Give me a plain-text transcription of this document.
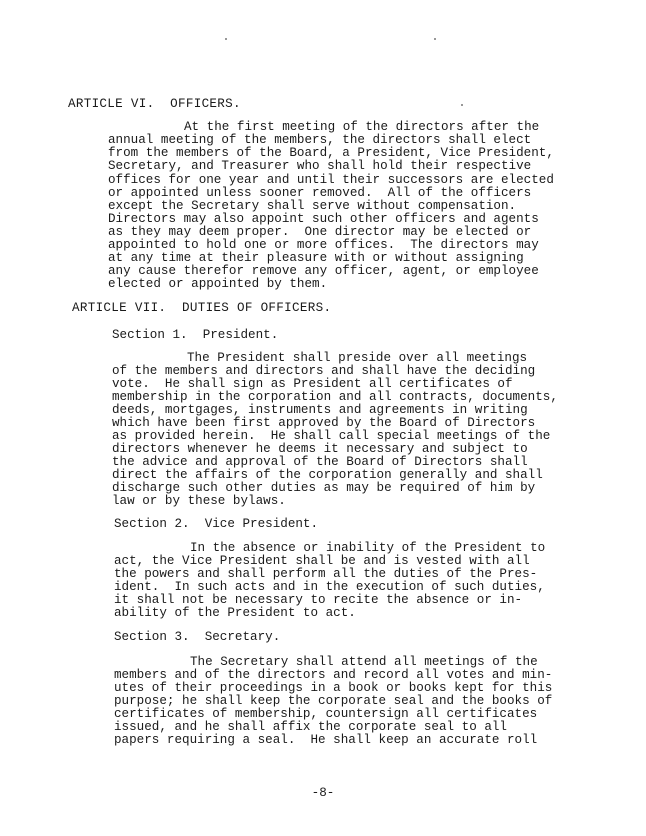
ARTICLE VI.  OFFICERS.
At the first meeting of the directors after the
annual meeting of the members, the directors shall elect
from the members of the Board, a President, Vice President,
Secretary, and Treasurer who shall hold their respective
offices for one year and until their successors are elected
or appointed unless sooner removed.  All of the officers
except the Secretary shall serve without compensation.
Directors may also appoint such other officers and agents
as they may deem proper.  One director may be elected or
appointed to hold one or more offices.  The directors may
at any time at their pleasure with or without assigning
any cause therefor remove any officer, agent, or employee
elected or appointed by them.
ARTICLE VII.  DUTIES OF OFFICERS.
Section 1.  President.
The President shall preside over all meetings
of the members and directors and shall have the deciding
vote.  He shall sign as President all certificates of
membership in the corporation and all contracts, documents,
deeds, mortgages, instruments and agreements in writing
which have been first approved by the Board of Directors
as provided herein.  He shall call special meetings of the
directors whenever he deems it necessary and subject to
the advice and approval of the Board of Directors shall
direct the affairs of the corporation generally and shall
discharge such other duties as may be required of him by
law or by these bylaws.
Section 2.  Vice President.
In the absence or inability of the President to
act, the Vice President shall be and is vested with all
the powers and shall perform all the duties of the Pres-
ident.  In such acts and in the execution of such duties,
it shall not be necessary to recite the absence or in-
ability of the President to act.
Section 3.  Secretary.
The Secretary shall attend all meetings of the
members and of the directors and record all votes and min-
utes of their proceedings in a book or books kept for this
purpose; he shall keep the corporate seal and the books of
certificates of membership, countersign all certificates
issued, and he shall affix the corporate seal to all
papers requiring a seal.  He shall keep an accurate roll
-8-
